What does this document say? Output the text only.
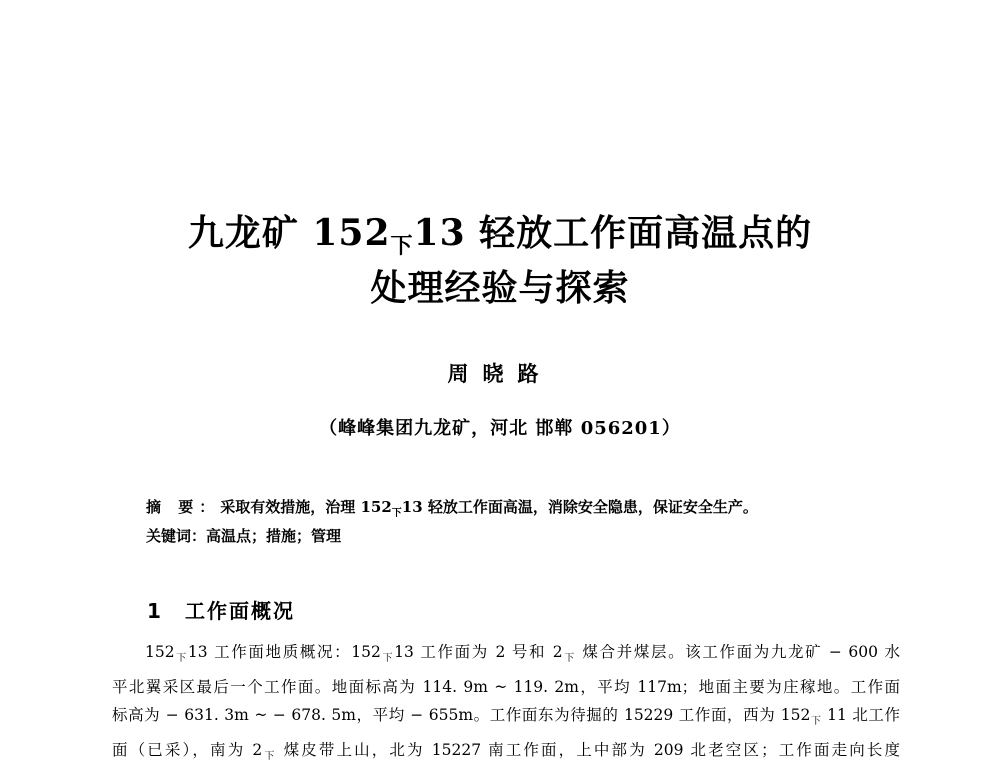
九龙矿 $152_下13$ 轻放工作面高温点的
处理经验与探索
周晓路
（峰峰集团九龙矿，河北 邯郸 056201）
摘 要：采取有效措施，治理 $152_下13$ 轻放工作面高温，消除安全隐患，保证安全生产。
关键词：高温点；措施；管理
1 工作面概况
$152_下13$ 工作面地质概况：$152_下13$ 工作面为 2 号和 $2_下$ 煤合并煤层。该工作面为九龙矿 − 600 水
平北翼采区最后一个工作面。地面标高为 114. 9m ~ 119. 2m，平均 117m；地面主要为庄稼地。工作面
标高为 − 631. 3m ~ − 678. 5m，平均 − 655m。工作面东为待掘的 15229 工作面，西为 $152_下$ 11 北工作
面（已采），南为 $2_下$ 煤皮带上山，北为 15227 南工作面，上中部为 209 北老空区；工作面走向长度
